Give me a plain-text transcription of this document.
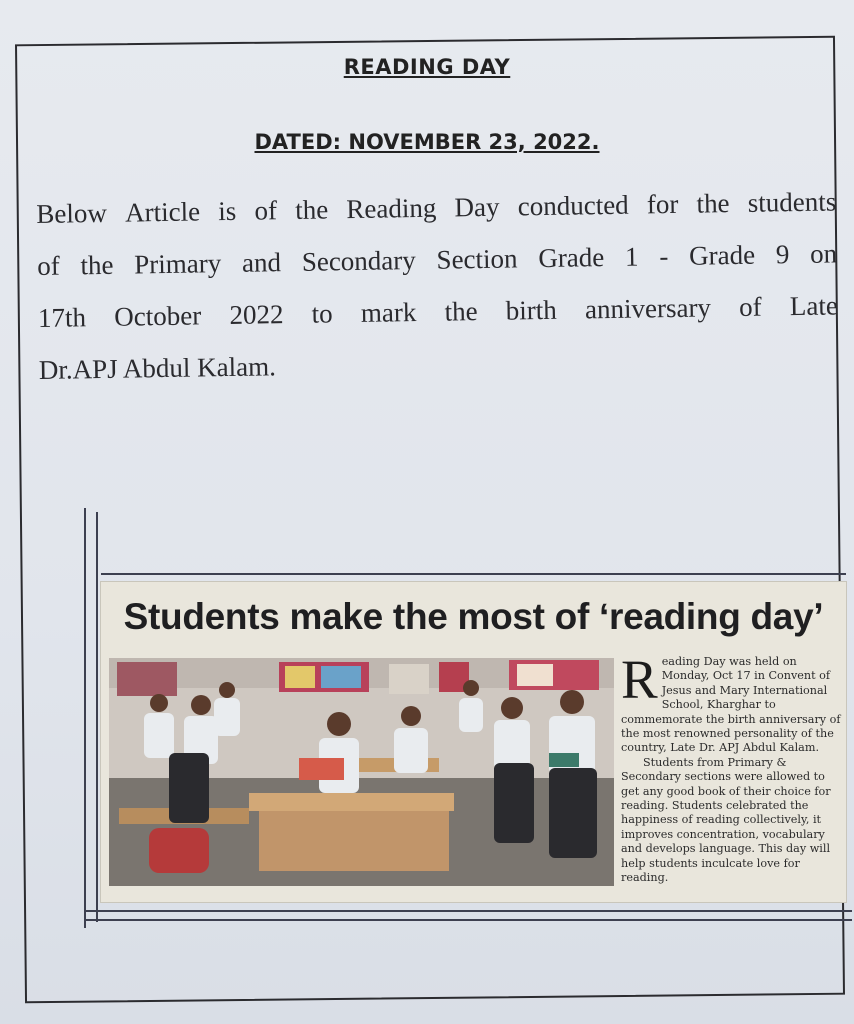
READING DAY
DATED: NOVEMBER 23, 2022.
Below Article is of the Reading Day conducted for the students
of the Primary and Secondary Section Grade 1 - Grade 9 on
17th October 2022 to mark the birth anniversary of Late
Dr.APJ Abdul Kalam.
Students make the most of ‘reading day’

Reading Day was held on Monday, Oct 17 in Convent of Jesus and Mary International School, Kharghar to commemorate the birth anniversary of the most renowned personality of the country, Late Dr. APJ Abdul Kalam.

Students from Primary & Secondary sections were allowed to get any good book of their choice for reading. Students celebrated the happiness of reading collectively, it improves concentration, vocabulary and develops language. This day will help students inculcate love for reading.
